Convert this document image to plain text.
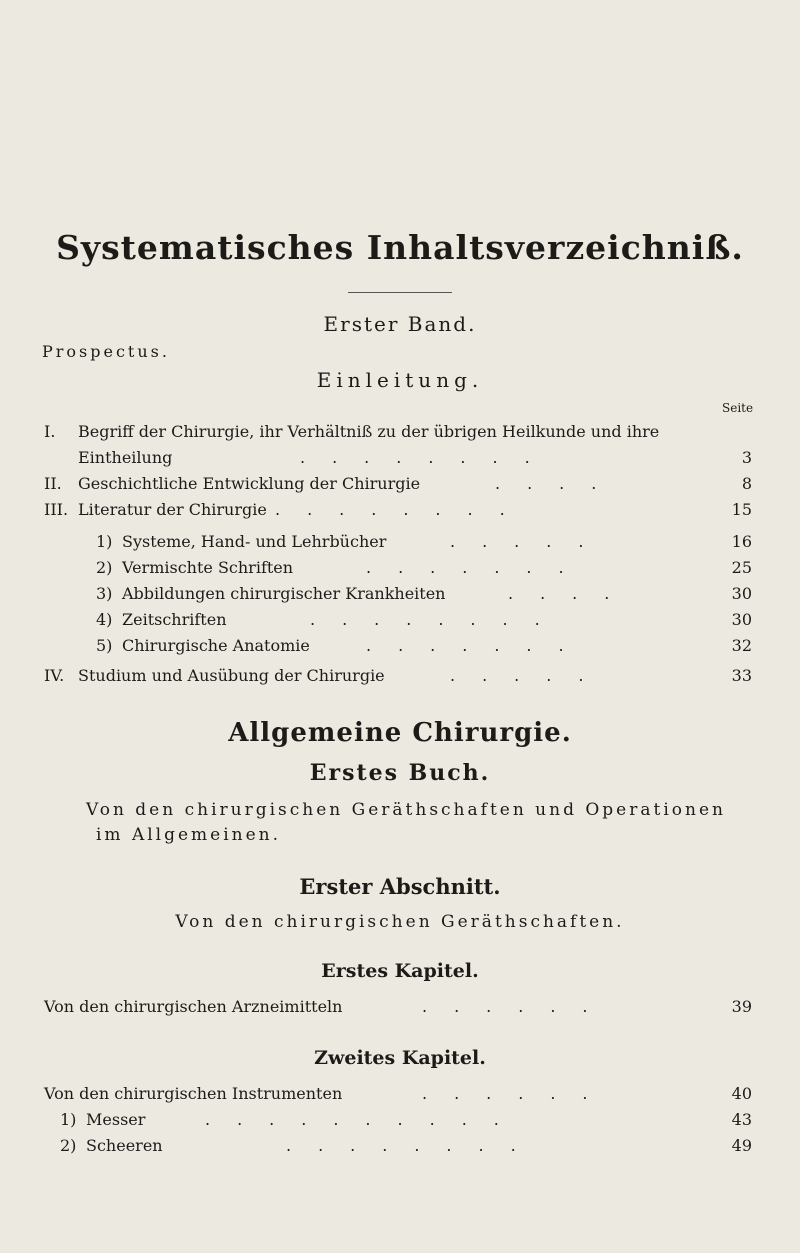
Systematisches Inhaltsverzeichniß.
Erster Band.
Prospectus.
Einleitung.
Seite
I. Begriff der Chirurgie, ihr Verhältniß zu der übrigen Heilkunde und ihre
Eintheilung	........	3
II. Geschichtliche Entwicklung der Chirurgie	....	8
III. Literatur der Chirurgie ........	15
1) Systeme, Hand- und Lehrbücher	.....	16
2) Vermischte Schriften	.......	25
3) Abbildungen chirurgischer Krankheiten	....	30
4) Zeitschriften	........	30
5) Chirurgische Anatomie	.......	32
IV. Studium und Ausübung der Chirurgie	.....	33
Allgemeine Chirurgie.
Erstes Buch.
Von den chirurgischen Geräthschaften und Operationen
im Allgemeinen.
Erster Abschnitt.
Von den chirurgischen Geräthschaften.
Erstes Kapitel.
Von den chirurgischen Arzneimitteln	......	39
Zweites Kapitel.
Von den chirurgischen Instrumenten	......	40
1) Messer	..........	43
2) Scheeren	........	49
